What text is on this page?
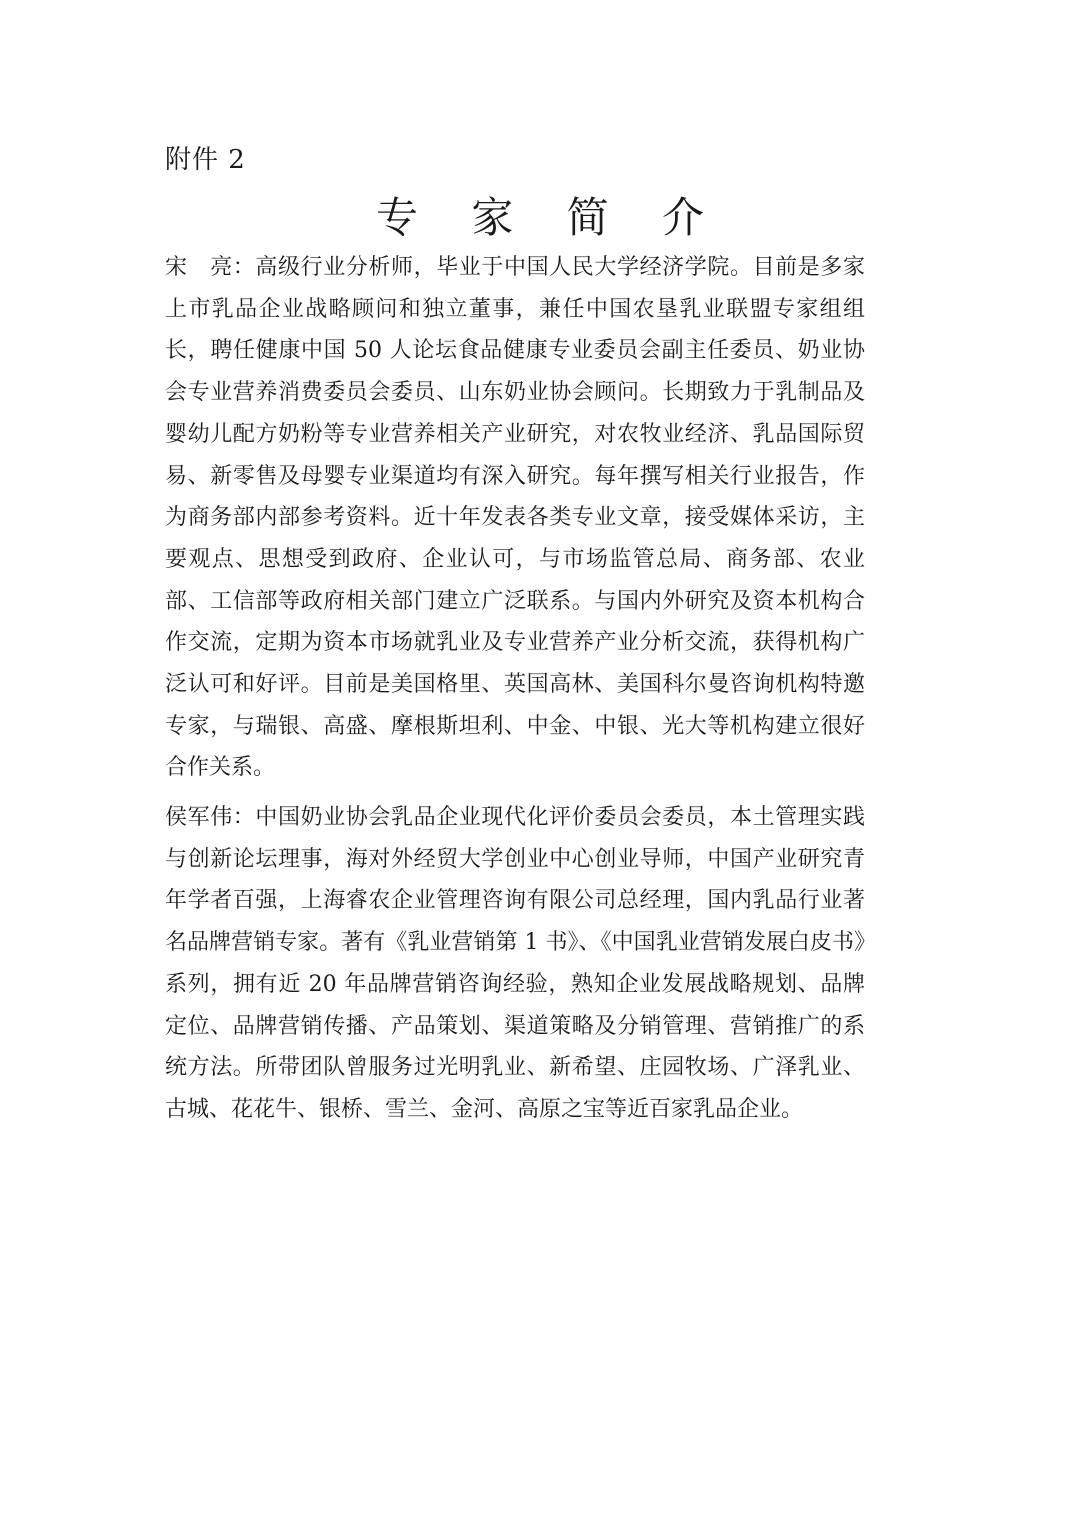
附件 2
专 家 简 介

宋　亮：高级行业分析师，毕业于中国人民大学经济学院。目前是多家上市乳品企业战略顾问和独立董事，兼任中国农垦乳业联盟专家组组长，聘任健康中国 50 人论坛食品健康专业委员会副主任委员、奶业协会专业营养消费委员会委员、山东奶业协会顾问。长期致力于乳制品及婴幼儿配方奶粉等专业营养相关产业研究，对农牧业经济、乳品国际贸易、新零售及母婴专业渠道均有深入研究。每年撰写相关行业报告，作为商务部内部参考资料。近十年发表各类专业文章，接受媒体采访，主要观点、思想受到政府、企业认可，与市场监管总局、商务部、农业部、工信部等政府相关部门建立广泛联系。与国内外研究及资本机构合作交流，定期为资本市场就乳业及专业营养产业分析交流，获得机构广泛认可和好评。目前是美国格里、英国高林、美国科尔曼咨询机构特邀专家，与瑞银、高盛、摩根斯坦利、中金、中银、光大等机构建立很好合作关系。

侯军伟：中国奶业协会乳品企业现代化评价委员会委员，本土管理实践与创新论坛理事，海对外经贸大学创业中心创业导师，中国产业研究青年学者百强，上海睿农企业管理咨询有限公司总经理，国内乳品行业著名品牌营销专家。著有《乳业营销第 1 书》、《中国乳业营销发展白皮书》系列，拥有近 20 年品牌营销咨询经验，熟知企业发展战略规划、品牌定位、品牌营销传播、产品策划、渠道策略及分销管理、营销推广的系统方法。所带团队曾服务过光明乳业、新希望、庄园牧场、广泽乳业、古城、花花牛、银桥、雪兰、金河、高原之宝等近百家乳品企业。
